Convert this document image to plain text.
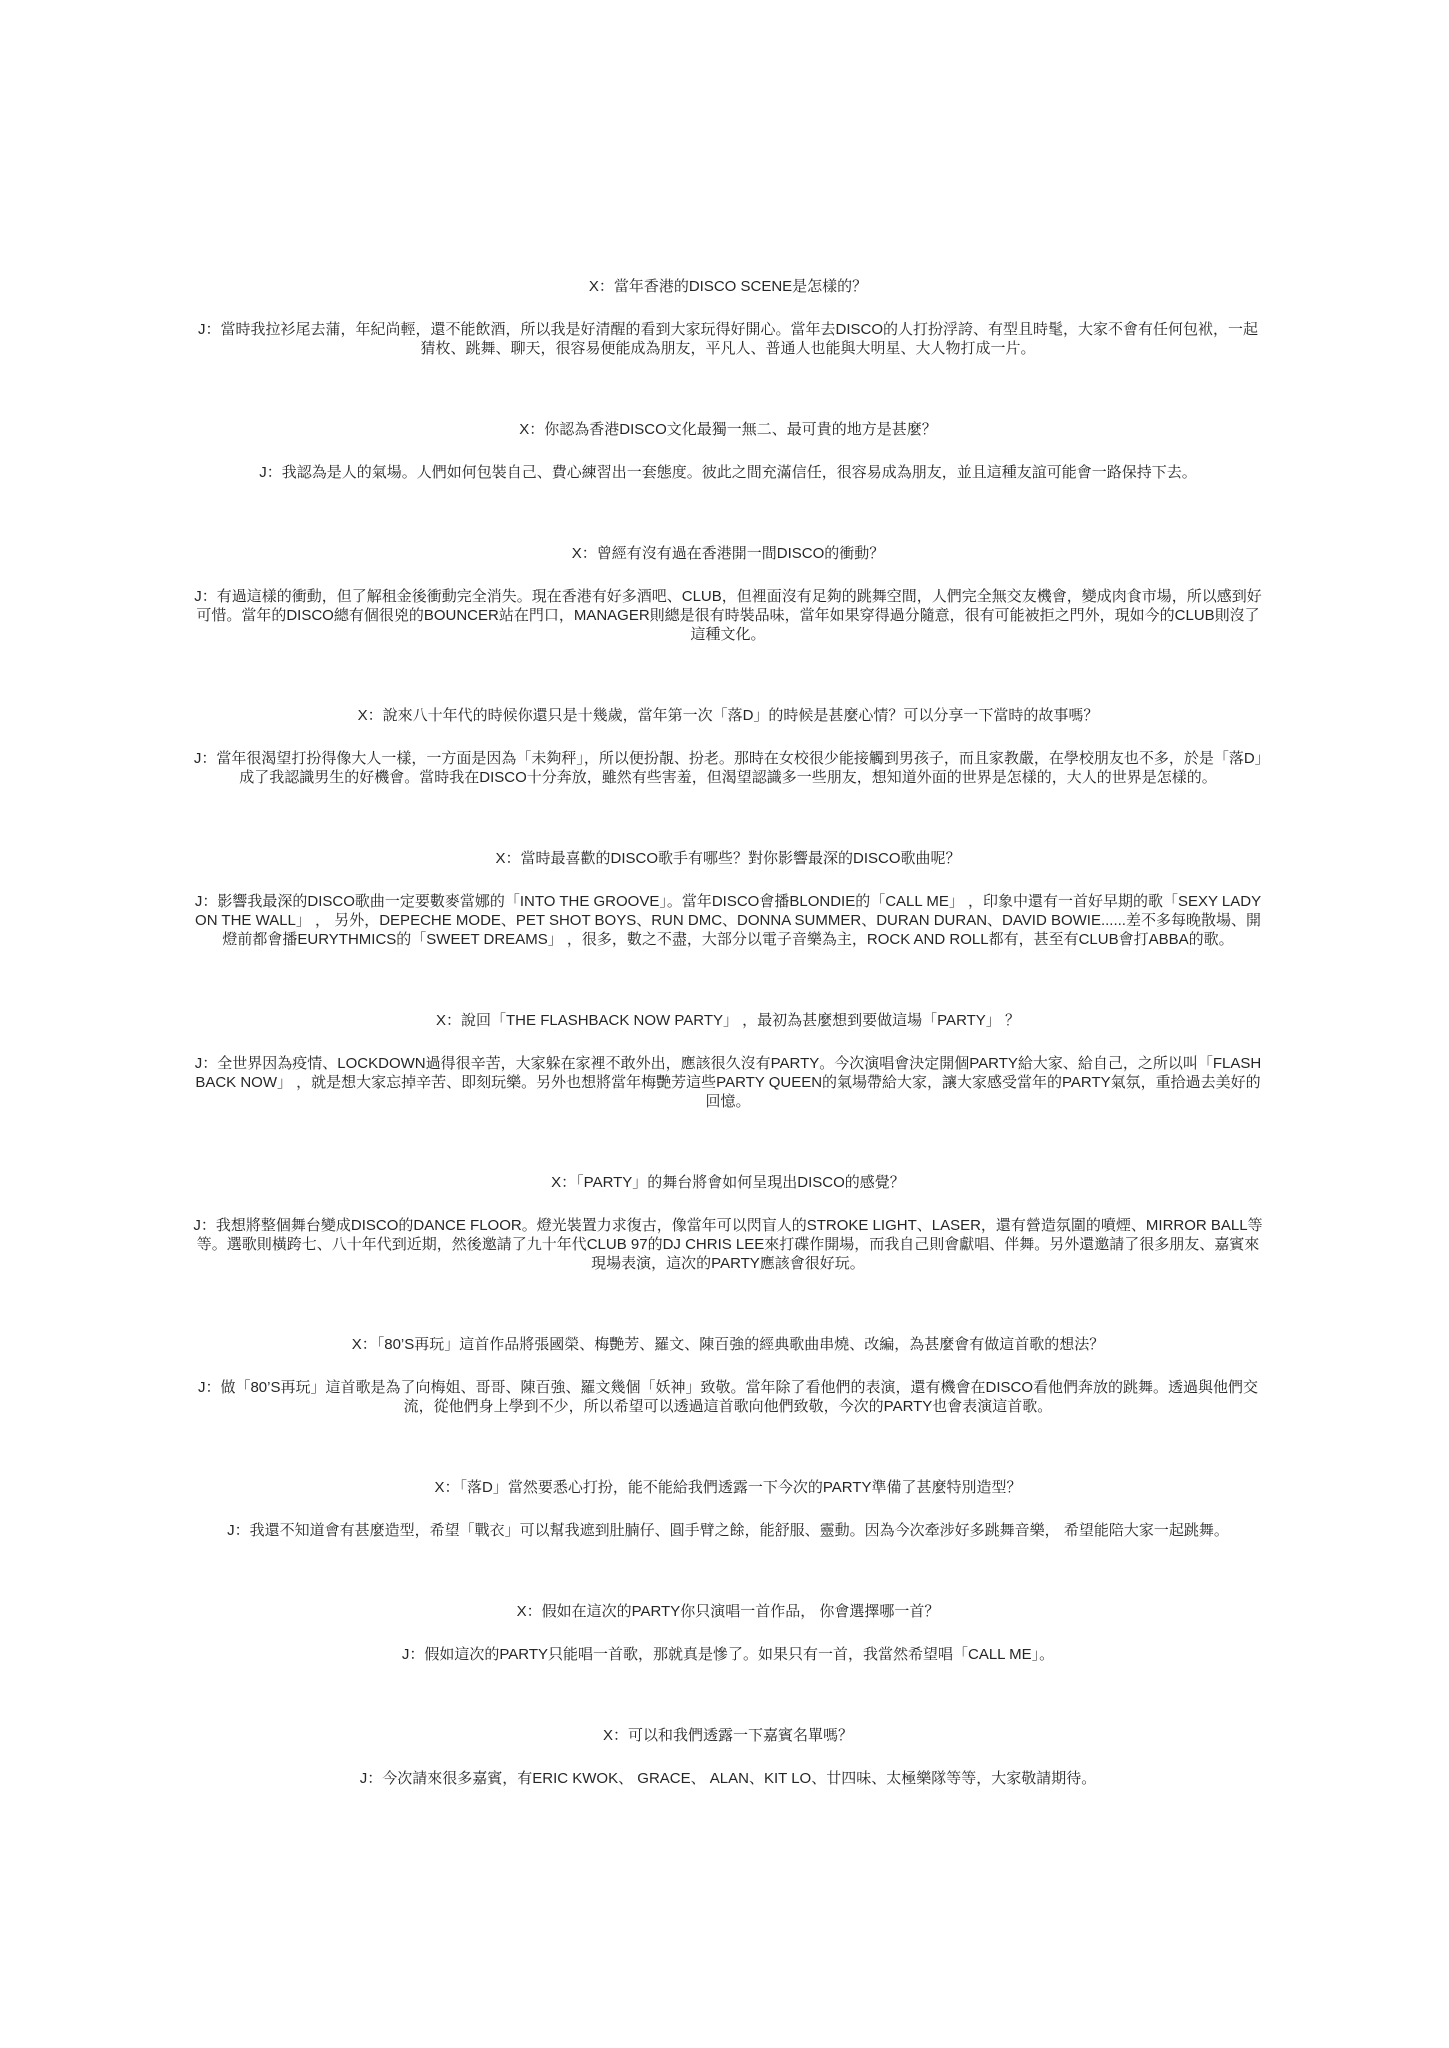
X：當年香港的DISCO SCENE是怎樣的？

J：當時我拉衫尾去蒲，年紀尚輕，還不能飲酒，所以我是好清醒的看到大家玩得好開心。當年去DISCO的人打扮浮誇、有型且時髦，大家不會有任何包袱，一起猜枚、跳舞、聊天，很容易便能成為朋友，平凡人、普通人也能與大明星、大人物打成一片。

X：你認為香港DISCO文化最獨一無二、最可貴的地方是甚麼？

J：我認為是人的氣場。人們如何包裝自己、費心練習出一套態度。彼此之間充滿信任，很容易成為朋友，並且這種友誼可能會一路保持下去。

X：曾經有沒有過在香港開一間DISCO的衝動？

J：有過這樣的衝動，但了解租金後衝動完全消失。現在香港有好多酒吧、CLUB，但裡面沒有足夠的跳舞空間，人們完全無交友機會，變成肉食市場，所以感到好可惜。當年的DISCO總有個很兇的BOUNCER站在門口，MANAGER則總是很有時裝品味，當年如果穿得過分隨意，很有可能被拒之門外，現如今的CLUB則沒了這種文化。

X：說來八十年代的時候你還只是十幾歲，當年第一次「落D」的時候是甚麼心情？可以分享一下當時的故事嗎？

J：當年很渴望打扮得像大人一樣，一方面是因為「未夠秤」，所以便扮靚、扮老。那時在女校很少能接觸到男孩子，而且家教嚴，在學校朋友也不多，於是「落D」成了我認識男生的好機會。當時我在DISCO十分奔放，雖然有些害羞，但渴望認識多一些朋友，想知道外面的世界是怎樣的，大人的世界是怎樣的。

X：當時最喜歡的DISCO歌手有哪些？對你影響最深的DISCO歌曲呢？

J：影響我最深的DISCO歌曲一定要數麥當娜的「INTO THE GROOVE」。當年DISCO會播BLONDIE的「CALL ME」 ，印象中還有一首好早期的歌「SEXY LADY ON THE WALL」 ， 另外，DEPECHE MODE、PET SHOT BOYS、RUN DMC、DONNA SUMMER、DURAN DURAN、DAVID BOWIE......差不多每晚散場、開燈前都會播EURYTHMICS的「SWEET DREAMS」 ，很多，數之不盡，大部分以電子音樂為主，ROCK AND ROLL都有，甚至有CLUB會打ABBA的歌。

X：說回「THE FLASHBACK NOW PARTY」 ，最初為甚麼想到要做這場「PARTY」 ？

J：全世界因為疫情、LOCKDOWN過得很辛苦，大家躲在家裡不敢外出，應該很久沒有PARTY。今次演唱會決定開個PARTY給大家、給自己，之所以叫「FLASH BACK NOW」 ，就是想大家忘掉辛苦、即刻玩樂。另外也想將當年梅艷芳這些PARTY QUEEN的氣場帶給大家，讓大家感受當年的PARTY氣氛，重拾過去美好的回憶。

X：「PARTY」的舞台將會如何呈現出DISCO的感覺？

J：我想將整個舞台變成DISCO的DANCE FLOOR。燈光裝置力求復古，像當年可以閃盲人的STROKE LIGHT、LASER，還有營造氛圍的噴煙、MIRROR BALL等等。選歌則橫跨七、八十年代到近期，然後邀請了九十年代CLUB 97的DJ CHRIS LEE來打碟作開場，而我自己則會獻唱、伴舞。另外還邀請了很多朋友、嘉賓來現場表演，這次的PARTY應該會很好玩。

X：「80’S再玩」這首作品將張國榮、梅艷芳、羅文、陳百強的經典歌曲串燒、改編，為甚麼會有做這首歌的想法？

J：做「80’S再玩」這首歌是為了向梅姐、哥哥、陳百強、羅文幾個「妖神」致敬。當年除了看他們的表演，還有機會在DISCO看他們奔放的跳舞。透過與他們交流，從他們身上學到不少，所以希望可以透過這首歌向他們致敬，今次的PARTY也會表演這首歌。

X：「落D」當然要悉心打扮，能不能給我們透露一下今次的PARTY準備了甚麼特別造型？

J：我還不知道會有甚麼造型，希望「戰衣」可以幫我遮到肚腩仔、圓手臂之餘，能舒服、靈動。因為今次牽涉好多跳舞音樂， 希望能陪大家一起跳舞。

X：假如在這次的PARTY你只演唱一首作品， 你會選擇哪一首？

J：假如這次的PARTY只能唱一首歌，那就真是慘了。如果只有一首，我當然希望唱「CALL ME」。

X：可以和我們透露一下嘉賓名單嗎？

J：今次請來很多嘉賓，有ERIC KWOK、 GRACE、 ALAN、KIT LO、廿四味、太極樂隊等等，大家敬請期待。
